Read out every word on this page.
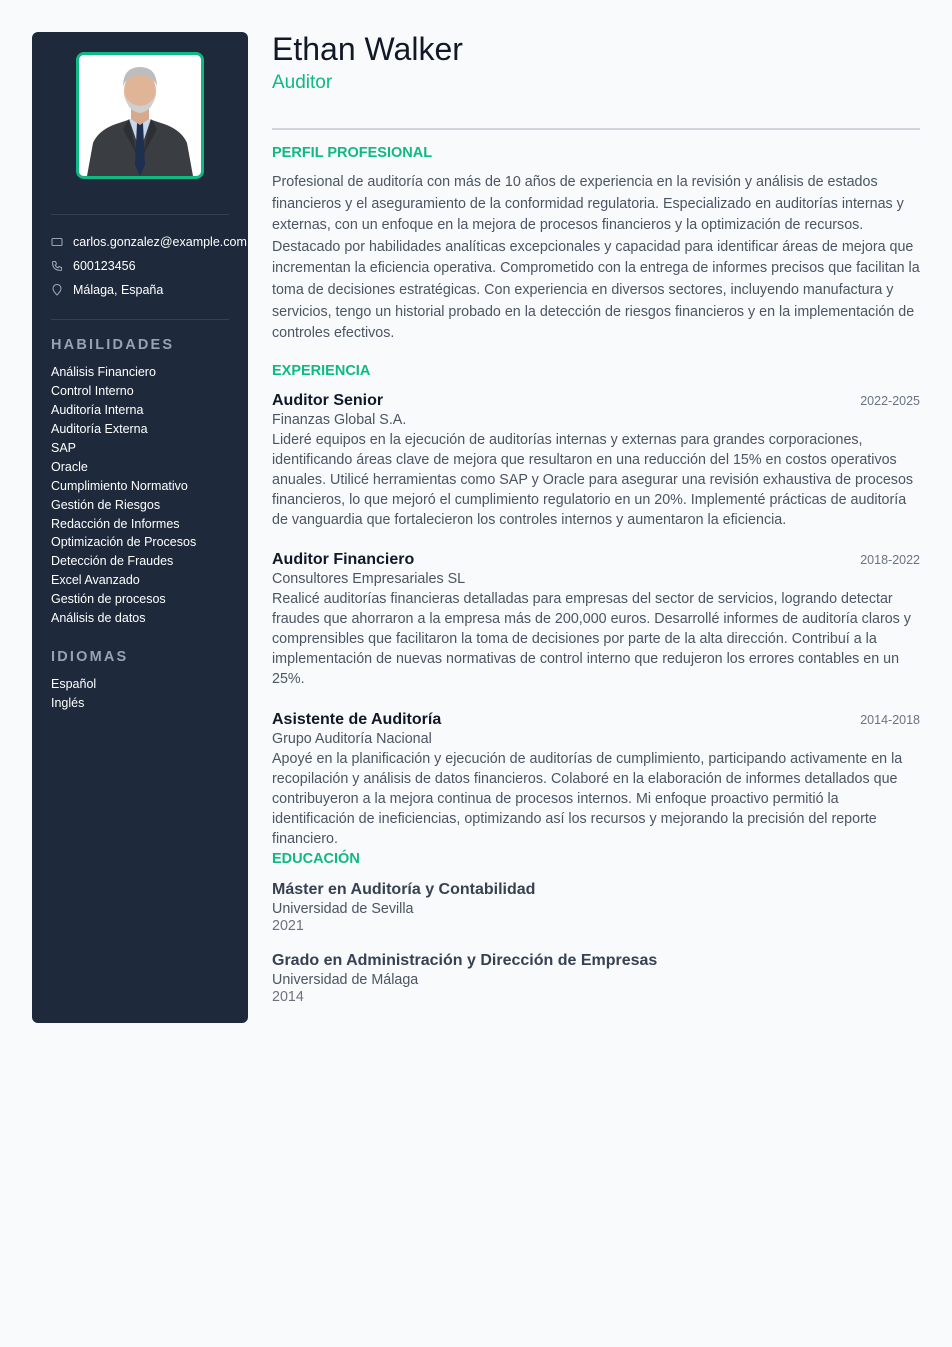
carlos.gonzalez@example.com
600123456
Málaga, España
HABILIDADES
Análisis Financiero
Control Interno
Auditoría Interna
Auditoría Externa
SAP
Oracle
Cumplimiento Normativo
Gestión de Riesgos
Redacción de Informes
Optimización de Procesos
Detección de Fraudes
Excel Avanzado
Gestión de procesos
Análisis de datos
IDIOMAS
Español
Inglés
Ethan Walker
Auditor
PERFIL PROFESIONAL

Profesional de auditoría con más de 10 años de experiencia en la revisión y análisis de estados financieros y el aseguramiento de la conformidad regulatoria. Especializado en auditorías internas y externas, con un enfoque en la mejora de procesos financieros y la optimización de recursos. Destacado por habilidades analíticas excepcionales y capacidad para identificar áreas de mejora que incrementan la eficiencia operativa. Comprometido con la entrega de informes precisos que facilitan la toma de decisiones estratégicas. Con experiencia en diversos sectores, incluyendo manufactura y servicios, tengo un historial probado en la detección de riesgos financieros y en la implementación de controles efectivos.

EXPERIENCIA
Auditor Senior	2022-2025
Finanzas Global S.A.

Lideré equipos en la ejecución de auditorías internas y externas para grandes corporaciones, identificando áreas clave de mejora que resultaron en una reducción del 15% en costos operativos anuales. Utilicé herramientas como SAP y Oracle para asegurar una revisión exhaustiva de procesos financieros, lo que mejoró el cumplimiento regulatorio en un 20%. Implementé prácticas de auditoría de vanguardia que fortalecieron los controles internos y aumentaron la eficiencia.

Auditor Financiero	2018-2022
Consultores Empresariales SL

Realicé auditorías financieras detalladas para empresas del sector de servicios, logrando detectar fraudes que ahorraron a la empresa más de 200,000 euros. Desarrollé informes de auditoría claros y comprensibles que facilitaron la toma de decisiones por parte de la alta dirección. Contribuí a la implementación de nuevas normativas de control interno que redujeron los errores contables en un 25%.

Asistente de Auditoría	2014-2018
Grupo Auditoría Nacional

Apoyé en la planificación y ejecución de auditorías de cumplimiento, participando activamente en la recopilación y análisis de datos financieros. Colaboré en la elaboración de informes detallados que contribuyeron a la mejora continua de procesos internos. Mi enfoque proactivo permitió la identificación de ineficiencias, optimizando así los recursos y mejorando la precisión del reporte financiero.

EDUCACIÓN
Máster en Auditoría y Contabilidad
Universidad de Sevilla
2021
Grado en Administración y Dirección de Empresas
Universidad de Málaga
2014
